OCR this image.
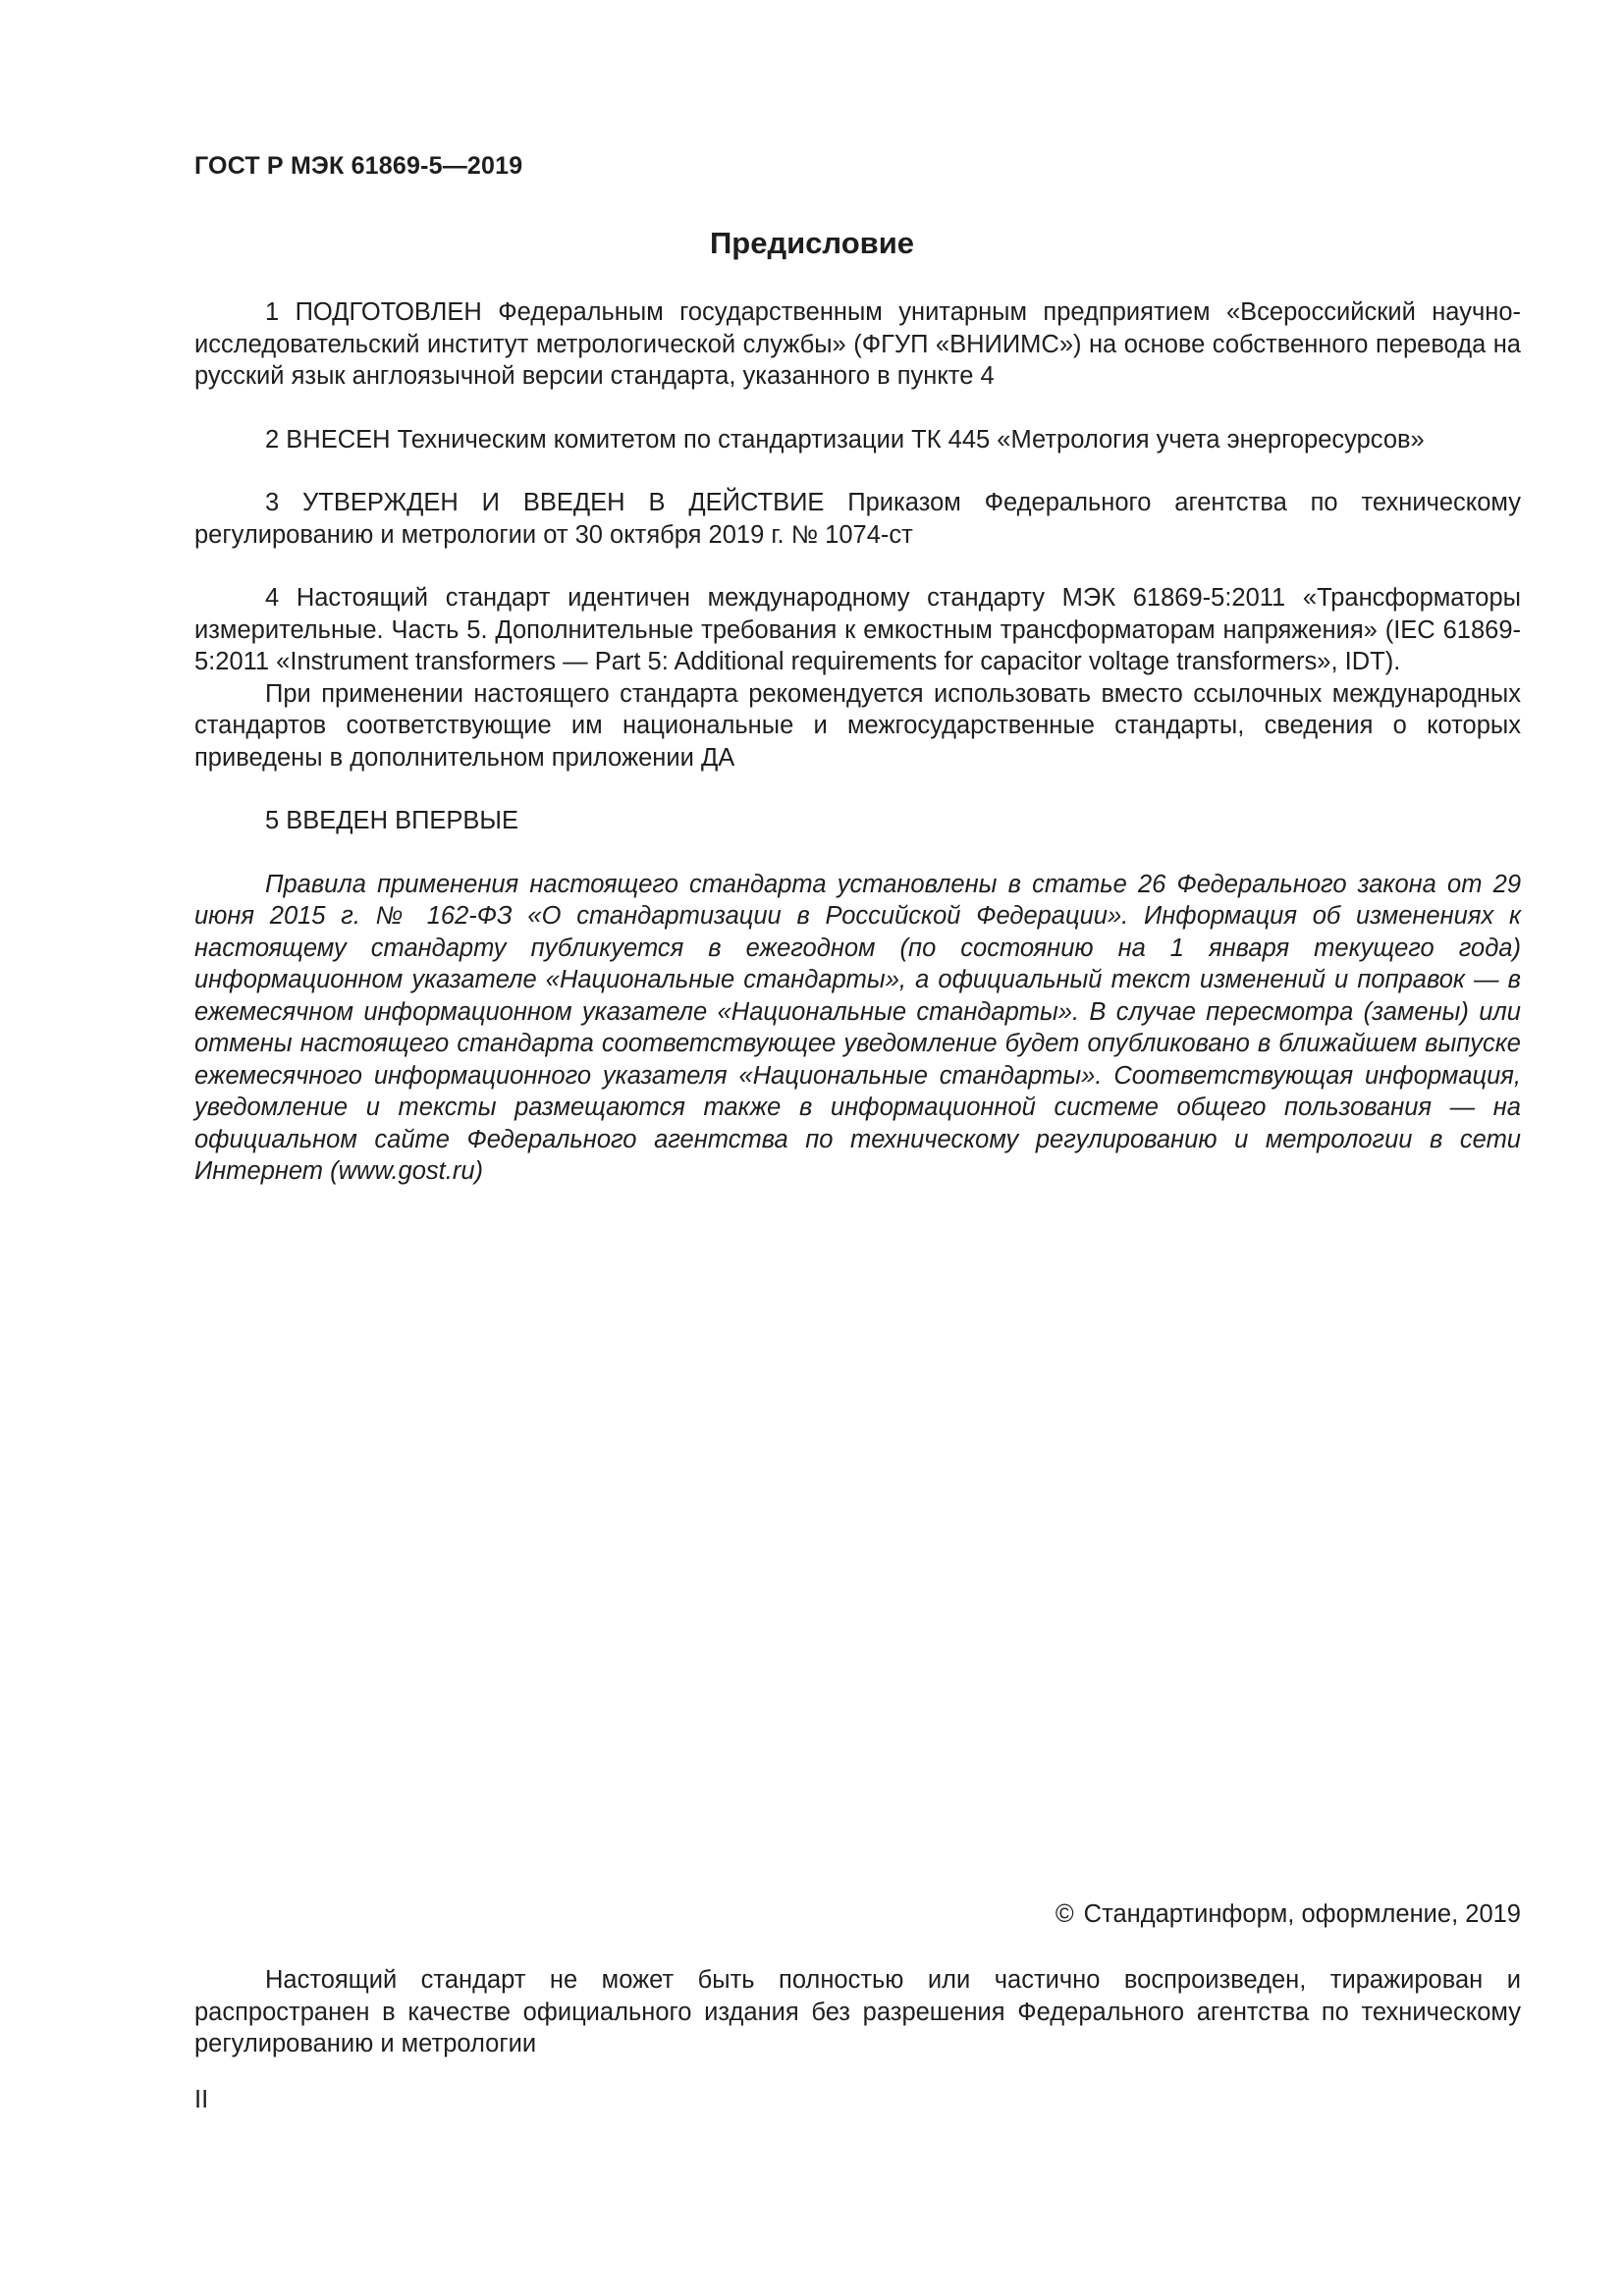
ГОСТ Р МЭК 61869-5—2019
Предисловие

1 ПОДГОТОВЛЕН Федеральным государственным унитарным предприятием «Всероссийский научно-исследовательский институт метрологической службы» (ФГУП «ВНИИМС») на основе собственного перевода на русский язык англоязычной версии стандарта, указанного в пункте 4

2 ВНЕСЕН Техническим комитетом по стандартизации ТК 445 «Метрология учета энергоресурсов»

3 УТВЕРЖДЕН И ВВЕДЕН В ДЕЙСТВИЕ Приказом Федерального агентства по техническому регулированию и метрологии от 30 октября 2019 г. № 1074-ст

4 Настоящий стандарт идентичен международному стандарту МЭК 61869-5:2011 «Трансформаторы измерительные. Часть 5. Дополнительные требования к емкостным трансформаторам напряжения» (IEC 61869-5:2011 «Instrument transformers — Part 5: Additional requirements for capacitor voltage transformers», IDT).

При применении настоящего стандарта рекомендуется использовать вместо ссылочных международных стандартов соответствующие им национальные и межгосударственные стандарты, сведения о которых приведены в дополнительном приложении ДА

5 ВВЕДЕН ВПЕРВЫЕ

Правила применения настоящего стандарта установлены в статье 26 Федерального закона от 29 июня 2015 г. № 162-ФЗ «О стандартизации в Российской Федерации». Информация об изменениях к настоящему стандарту публикуется в ежегодном (по состоянию на 1 января текущего года) информационном указателе «Национальные стандарты», а официальный текст изменений и поправок — в ежемесячном информационном указателе «Национальные стандарты». В случае пересмотра (замены) или отмены настоящего стандарта соответствующее уведомление будет опубликовано в ближайшем выпуске ежемесячного информационного указателя «Национальные стандарты». Соответствующая информация, уведомление и тексты размещаются также в информационной системе общего пользования — на официальном сайте Федерального агентства по техническому регулированию и метрологии в сети Интернет (www.gost.ru)

© Стандартинформ, оформление, 2019
Настоящий стандарт не может быть полностью или частично воспроизведен, тиражирован и распространен в качестве официального издания без разрешения Федерального агентства по техническому регулированию и метрологии
II
